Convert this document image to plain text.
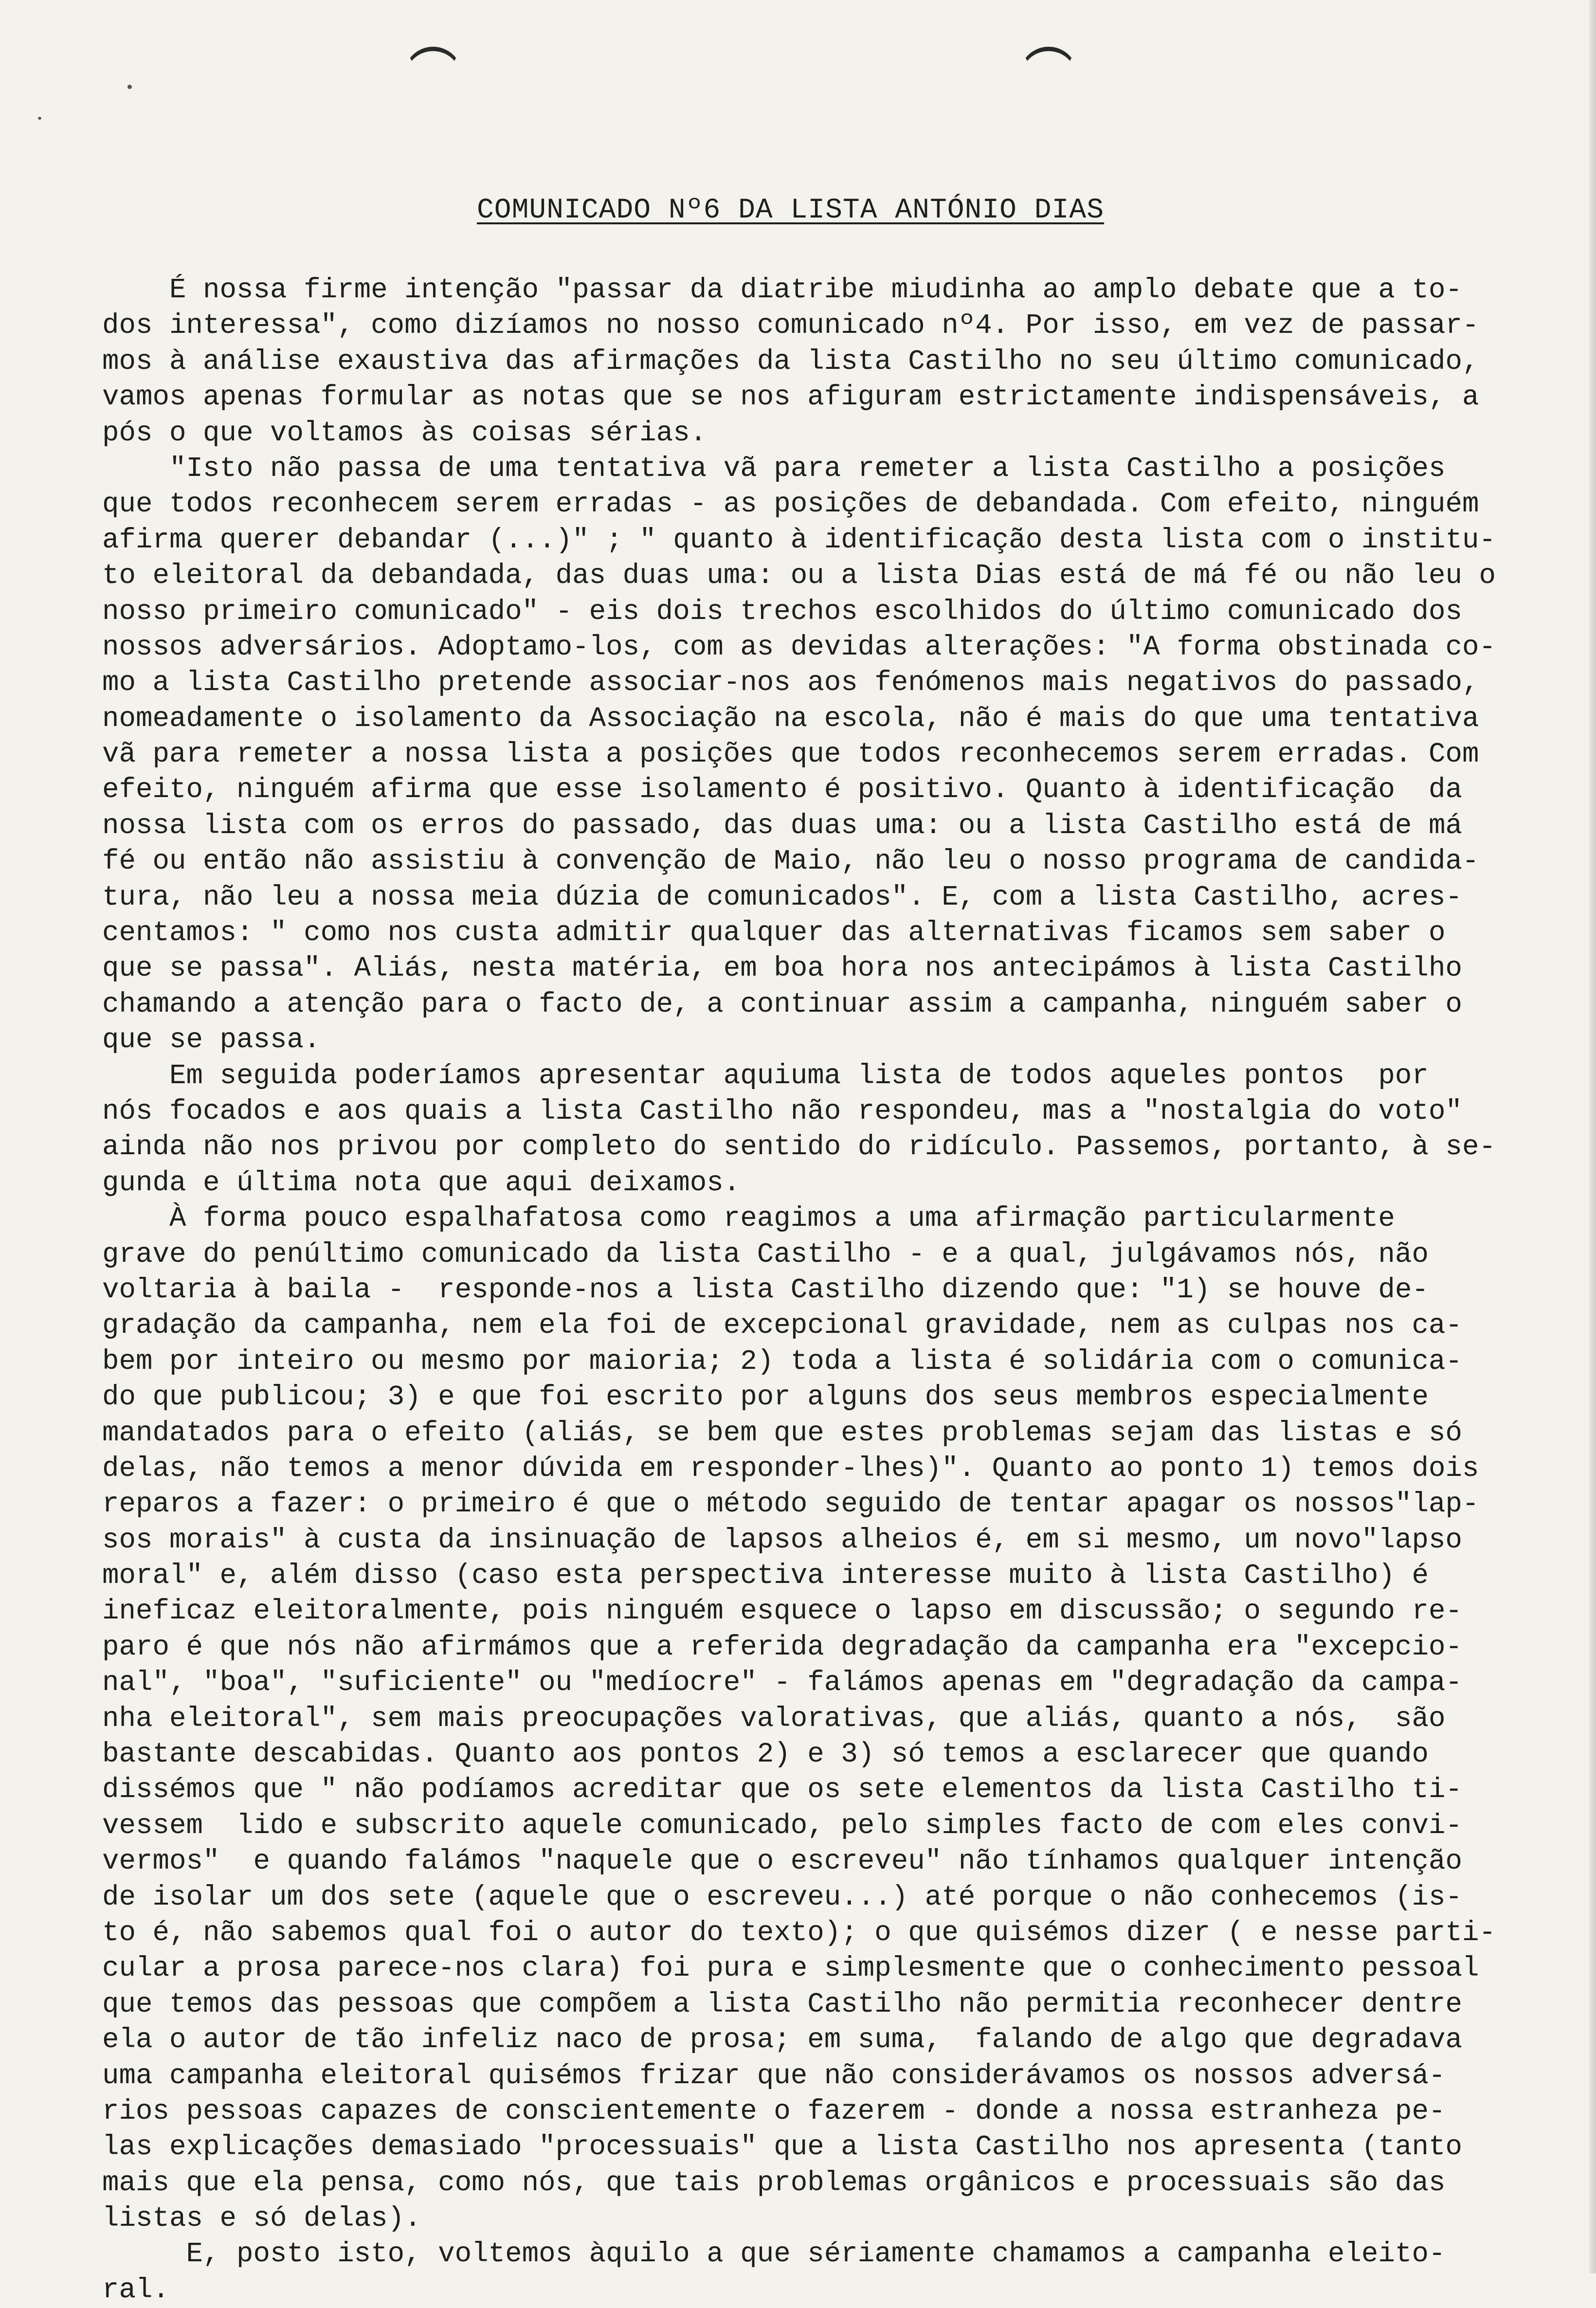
COMUNICADO Nº6 DA LISTA ANTÓNIO DIAS
É nossa firme intenção "passar da diatribe miudinha ao amplo debate que a to-
dos interessa", como dizíamos no nosso comunicado nº4. Por isso, em vez de passar-
mos à análise exaustiva das afirmações da lista Castilho no seu último comunicado,
vamos apenas formular as notas que se nos afiguram estrictamente indispensáveis, a
pós o que voltamos às coisas sérias.
"Isto não passa de uma tentativa vã para remeter a lista Castilho a posições
que todos reconhecem serem erradas - as posições de debandada. Com efeito, ninguém
afirma querer debandar (...)" ; " quanto à identificação desta lista com o institu-
to eleitoral da debandada, das duas uma: ou a lista Dias está de má fé ou não leu o
nosso primeiro comunicado" - eis dois trechos escolhidos do último comunicado dos
nossos adversários. Adoptamo-los, com as devidas alterações: "A forma obstinada co-
mo a lista Castilho pretende associar-nos aos fenómenos mais negativos do passado,
nomeadamente o isolamento da Associação na escola, não é mais do que uma tentativa
vã para remeter a nossa lista a posições que todos reconhecemos serem erradas. Com
efeito, ninguém afirma que esse isolamento é positivo. Quanto à identificação  da
nossa lista com os erros do passado, das duas uma: ou a lista Castilho está de má
fé ou então não assistiu à convenção de Maio, não leu o nosso programa de candida-
tura, não leu a nossa meia dúzia de comunicados". E, com a lista Castilho, acres-
centamos: " como nos custa admitir qualquer das alternativas ficamos sem saber o
que se passa". Aliás, nesta matéria, em boa hora nos antecipámos à lista Castilho
chamando a atenção para o facto de, a continuar assim a campanha, ninguém saber o
que se passa.
Em seguida poderíamos apresentar aquiuma lista de todos aqueles pontos  por
nós focados e aos quais a lista Castilho não respondeu, mas a "nostalgia do voto"
ainda não nos privou por completo do sentido do ridículo. Passemos, portanto, à se-
gunda e última nota que aqui deixamos.
À forma pouco espalhafatosa como reagimos a uma afirmação particularmente
grave do penúltimo comunicado da lista Castilho - e a qual, julgávamos nós, não
voltaria à baila -  responde-nos a lista Castilho dizendo que: "1) se houve de-
gradação da campanha, nem ela foi de excepcional gravidade, nem as culpas nos ca-
bem por inteiro ou mesmo por maioria; 2) toda a lista é solidária com o comunica-
do que publicou; 3) e que foi escrito por alguns dos seus membros especialmente
mandatados para o efeito (aliás, se bem que estes problemas sejam das listas e só
delas, não temos a menor dúvida em responder-lhes)". Quanto ao ponto 1) temos dois
reparos a fazer: o primeiro é que o método seguido de tentar apagar os nossos"lap-
sos morais" à custa da insinuação de lapsos alheios é, em si mesmo, um novo"lapso
moral" e, além disso (caso esta perspectiva interesse muito à lista Castilho) é
ineficaz eleitoralmente, pois ninguém esquece o lapso em discussão; o segundo re-
paro é que nós não afirmámos que a referida degradação da campanha era "excepcio-
nal", "boa", "suficiente" ou "medíocre" - falámos apenas em "degradação da campa-
nha eleitoral", sem mais preocupações valorativas, que aliás, quanto a nós,  são
bastante descabidas. Quanto aos pontos 2) e 3) só temos a esclarecer que quando
dissémos que " não podíamos acreditar que os sete elementos da lista Castilho ti-
vessem  lido e subscrito aquele comunicado, pelo simples facto de com eles convi-
vermos"  e quando falámos "naquele que o escreveu" não tínhamos qualquer intenção
de isolar um dos sete (aquele que o escreveu...) até porque o não conhecemos (is-
to é, não sabemos qual foi o autor do texto); o que quisémos dizer ( e nesse parti-
cular a prosa parece-nos clara) foi pura e simplesmente que o conhecimento pessoal
que temos das pessoas que compõem a lista Castilho não permitia reconhecer dentre
ela o autor de tão infeliz naco de prosa; em suma,  falando de algo que degradava
uma campanha eleitoral quisémos frizar que não considerávamos os nossos adversá-
rios pessoas capazes de conscientemente o fazerem - donde a nossa estranheza pe-
las explicações demasiado "processuais" que a lista Castilho nos apresenta (tanto
mais que ela pensa, como nós, que tais problemas orgânicos e processuais são das
listas e só delas).
E, posto isto, voltemos àquilo a que sériamente chamamos a campanha eleito-
ral.
